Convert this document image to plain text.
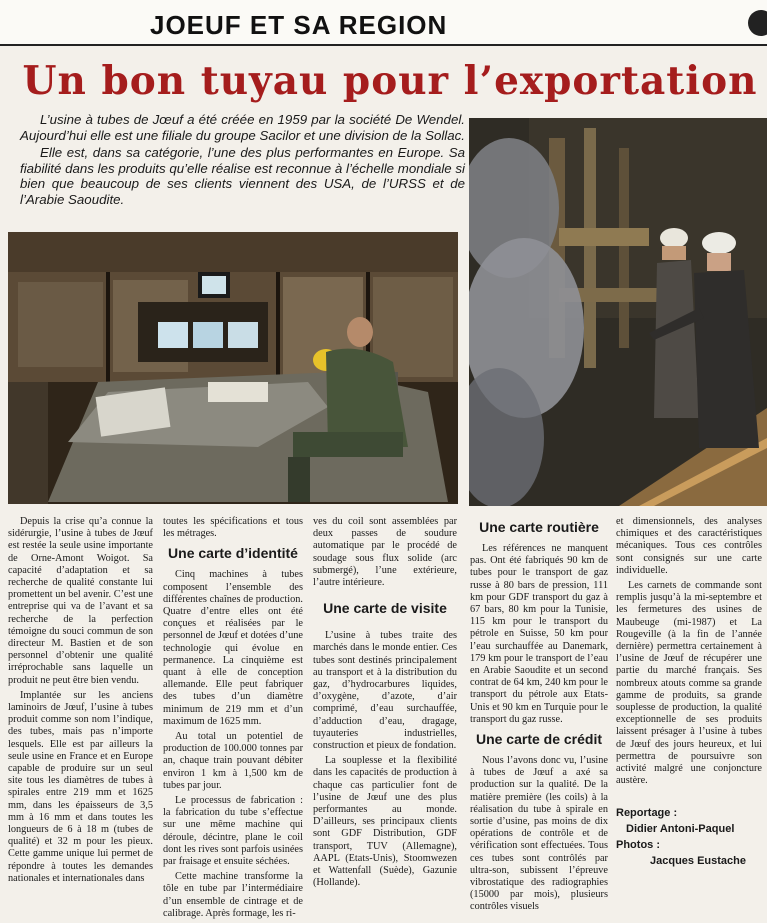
JOEUF ET SA REGION
Un bon tuyau pour l’exportation

L’usine à tubes de Jœuf a été créée en 1959 par la société De Wendel. Aujourd’hui elle est une filiale du groupe Sacilor et une division de la Sollac.

Elle est, dans sa catégorie, l’une des plus performantes en Europe. Sa fiabilité dans les produits qu’elle réalise est reconnue à l’échelle mondiale si bien que beaucoup de ses clients viennent des USA, de l’URSS et de l’Arabie Saoudite.

Depuis la crise qu’a connue la sidérurgie, l’usine à tubes de Jœuf est restée la seule usine importante de Orne-Amont Woigot. Sa capacité d’adaptation et sa recherche de qualité constante lui promettent un bel avenir. C’est une entreprise qui va de l’avant et sa recherche de la perfection témoigne du souci commun de son directeur M. Bastien et de son personnel d’obtenir une qualité irréprochable sans laquelle un produit ne peut être bien vendu.

Implantée sur les anciens laminoirs de Jœuf, l’usine à tubes produit comme son nom l’indique, des tubes, mais pas n’importe lesquels. Elle est par ailleurs la seule usine en France et en Europe capable de produire sur un seul site tous les diamètres de tubes à spirales entre 219 mm et 1625 mm, dans les épaisseurs de 3,5 mm à 16 mm et dans toutes les longueurs de 6 à 18 m (tubes de qualité) et 32 m pour les pieux. Cette gamme unique lui permet de répondre à toutes les demandes nationales et internationales dans

toutes les spécifications et tous les métrages.

Une carte d’identité

Cinq machines à tubes composent l’ensemble des différentes chaînes de production. Quatre d’entre elles ont été conçues et réalisées par le personnel de Jœuf et dotées d’une technologie qui évolue en permanence. La cinquième est quant à elle de conception allemande. Elle peut fabriquer des tubes d’un diamètre minimum de 219 mm et d’un maximum de 1625 mm.

Au total un potentiel de production de 100.000 tonnes par an, chaque train pouvant débiter environ 1 km à 1,500 km de tubes par jour.

Le processus de fabrication : la fabrication du tube s’effectue sur une même machine qui déroule, décintre, plane le coil dont les rives sont parfois usinées par fraisage et ensuite séchées.

Cette machine transforme la tôle en tube par l’intermédiaire d’un ensemble de cintrage et de calibrage. Après formage, les ri-

ves du coil sont assemblées par deux passes de soudure automatique par le procédé de soudage sous flux solide (arc submergé), l’une extérieure, l’autre intérieure.

Une carte de visite

L’usine à tubes traite des marchés dans le monde entier. Ces tubes sont destinés principalement au transport et à la distribution du gaz, d’hydrocarbures liquides, d’oxygène, d’azote, d’air comprimé, d’eau surchauffée, d’adduction d’eau, dragage, tuyauteries industrielles, construction et pieux de fondation.

La souplesse et la flexibilité dans les capacités de production à chaque cas particulier font de l’usine de Jœuf une des plus performantes au monde. D’ailleurs, ses principaux clients sont GDF Distribution, GDF transport, TUV (Allemagne), AAPL (Etats-Unis), Stoomwezen et Wattenfall (Suède), Gazunie (Hollande).

Une carte routière

Les références ne manquent pas. Ont été fabriqués 90 km de tubes pour le transport de gaz russe à 80 bars de pression, 111 km pour GDF transport du gaz à 67 bars, 80 km pour la Tunisie, 115 km pour le transport du pétrole en Suisse, 50 km pour l’eau surchauffée au Danemark, 179 km pour le transport de l’eau en Arabie Saoudite et un second contrat de 64 km, 240 km pour le transport du pétrole aux Etats-Unis et 90 km en Turquie pour le transport du gaz russe.

Une carte de crédit

Nous l’avons donc vu, l’usine à tubes de Jœuf a axé sa production sur la qualité. De la matière première (les coils) à la réalisation du tube à spirale en sortie d’usine, pas moins de dix opérations de contrôle et de vérification sont effectuées. Tous ces tubes sont contrôlés par ultra-son, subissent l’épreuve vibrostatique des radiographies (15000 par mois), plusieurs contrôles visuels

et dimensionnels, des analyses chimiques et des caractéristiques mécaniques. Tous ces contrôles sont consignés sur une carte individuelle.

Les carnets de commande sont remplis jusqu’à la mi-septembre et les fermetures des usines de Maubeuge (mi-1987) et La Rougeville (à la fin de l’année dernière) permettra certainement à l’usine de Jœuf de récupérer une partie du marché français. Ses nombreux atouts comme sa grande gamme de produits, sa grande souplesse de production, la qualité exceptionnelle de ses produits laissent présager à l’usine à tubes de Jœuf des jours heureux, et lui permettra de poursuivre son activité malgré une conjoncture austère.

Reportage :
Didier Antoni-Paquel
Photos :
Jacques Eustache
